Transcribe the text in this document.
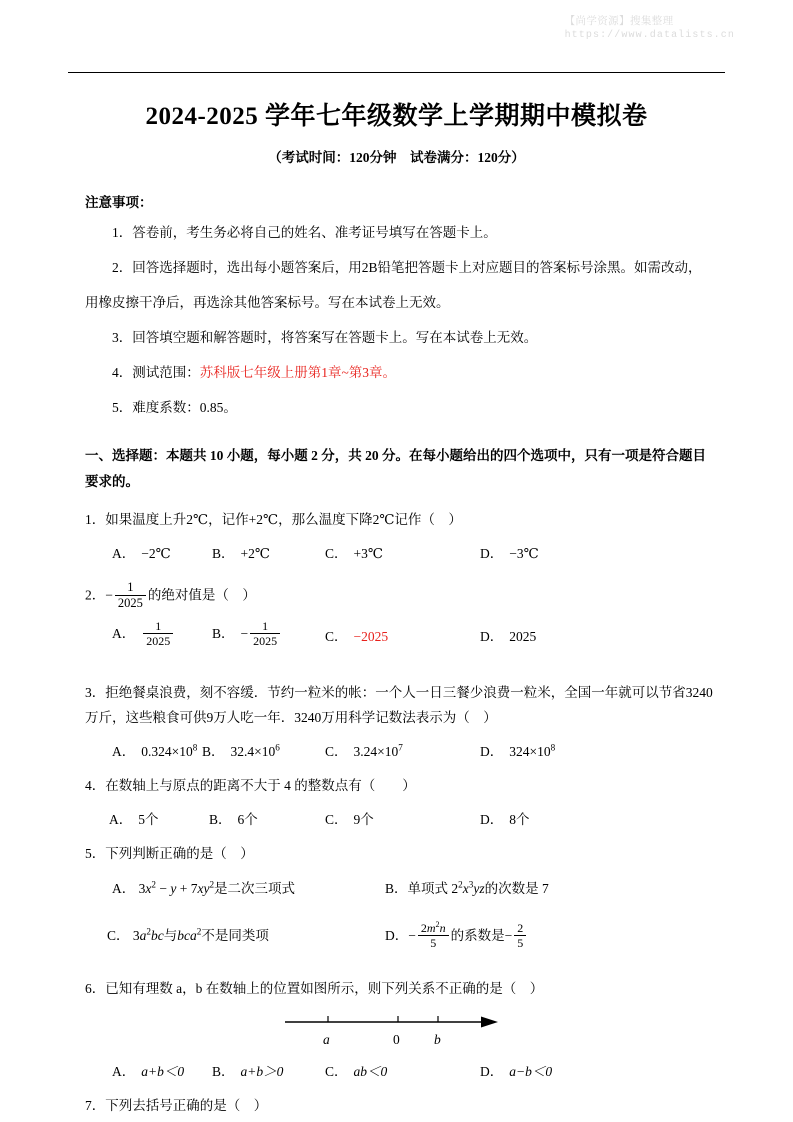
【尚学资源】搜集整理
https://www.datalists.cn
2024-2025 学年七年级数学上学期期中模拟卷

（考试时间：120分钟　试卷满分：120分）

注意事项：

1．答卷前，考生务必将自己的姓名、准考证号填写在答题卡上。

2．回答选择题时，选出每小题答案后，用2B铅笔把答题卡上对应题目的答案标号涂黑。如需改动，

用橡皮擦干净后，再选涂其他答案标号。写在本试卷上无效。

3．回答填空题和解答题时，将答案写在答题卡上。写在本试卷上无效。

4．测试范围：苏科版七年级上册第1章~第3章。

5．难度系数：0.85。

一、选择题：本题共 10 小题，每小题 2 分，共 20 分。在每小题给出的四个选项中，只有一项是符合题目
要求的。

1．如果温度上升2℃，记作+2℃，那么温度下降2℃记作（　）
A． −2℃	B． +2℃	C． +3℃	D． −3℃
2．− $\frac{1}{2025}$ 的绝对值是（　）
A． $\frac{1}{2025}$	B． − $\frac{1}{2025}$	C． −2025	D． 2025
3．拒绝餐桌浪费，刻不容缓．节约一粒米的帐：一个人一日三餐少浪费一粒米，全国一年就可以节省3240
万斤，这些粮食可供9万人吃一年．3240万用科学记数法表示为（　）
A． $0.324\times 10^8$ B． $32.4\times 10^6$	C． $3.24\times 10^7$	D． $324\times 10^8$
4．在数轴上与原点的距离不大于 4 的整数点有（　　）
A． 5个	B． 6个	C． 9个	D． 8个
5．下列判断正确的是（　）
A． $3x^2 - y + 7xy^2$是二次三项式	B．单项式 $2^2x^3yz$的次数是 7
C． $3a^2bc$与bca$^2$不是同类项	D．− $\frac{2m^2n}{5}$ 的系数是− $\frac{2}{5}$
6．已知有理数 a，b 在数轴上的位置如图所示，则下列关系不正确的是（　）
a	0	b
A． a+b＜0 B． a+b＞0	C． ab＜0	D． a−b＜0
7．下列去括号正确的是（　）
